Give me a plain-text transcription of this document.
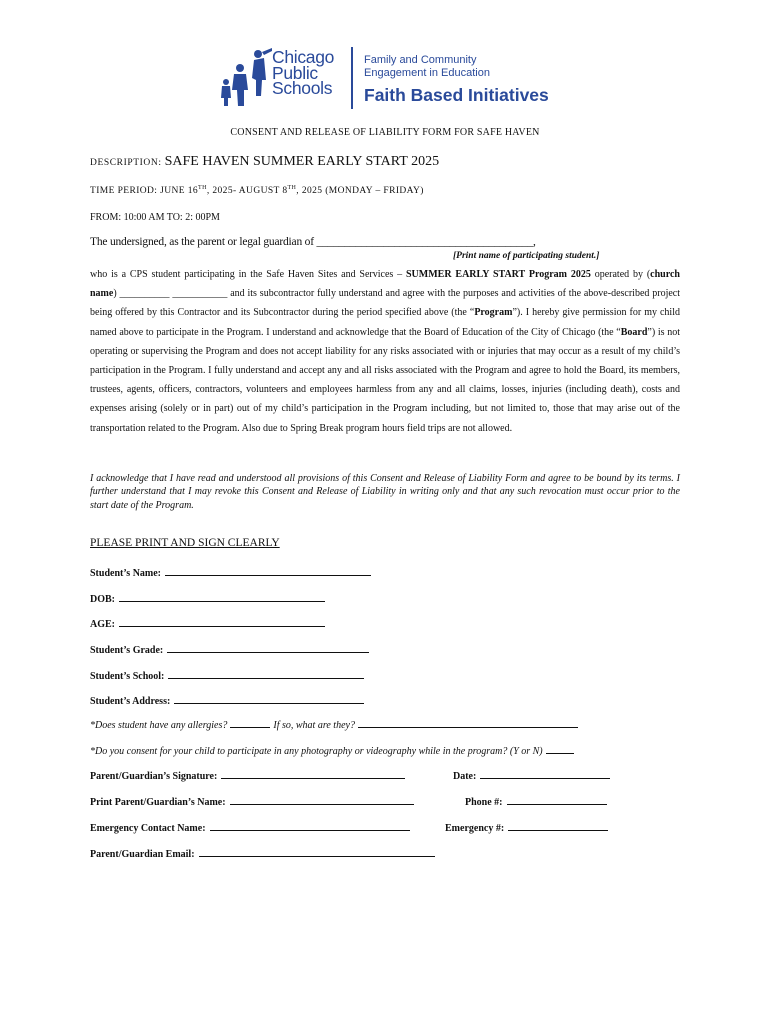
Chicago
Public
Schools
Family and Community
Engagement in Education
Faith Based Initiatives
CONSENT AND RELEASE OF LIABILITY FORM FOR SAFE HAVEN
DESCRIPTION: SAFE HAVEN SUMMER EARLY START 2025
TIME PERIOD: JUNE 16TH, 2025- AUGUST 8TH, 2025 (MONDAY – FRIDAY)
FROM: 10:00 AM TO: 2: 00PM
The undersigned, as the parent or legal guardian of _______________________________________,
[Print name of participating student.]
who is a CPS student participating in the Safe Haven Sites and Services – SUMMER EARLY START Program 2025 operated by (church name) __________ ___________ and its subcontractor fully understand and agree with the purposes and activities of the above-described project being offered by this Contractor and its Subcontractor during the period specified above (the “Program”). I hereby give permission for my child named above to participate in the Program. I understand and acknowledge that the Board of Education of the City of Chicago (the “Board”) is not operating or supervising the Program and does not accept liability for any risks associated with or injuries that may occur as a result of my child’s participation in the Program. I fully understand and accept any and all risks associated with the Program and agree to hold the Board, its members, trustees, agents, officers, contractors, volunteers and employees harmless from any and all claims, losses, injuries (including death), costs and expenses arising (solely or in part) out of my child’s participation in the Program including, but not limited to, those that may arise out of the transportation related to the Program. Also due to Spring Break program hours field trips are not allowed.
I acknowledge that I have read and understood all provisions of this Consent and Release of Liability Form and agree to be bound by its terms. I further understand that I may revoke this Consent and Release of Liability in writing only and that any such revocation must occur prior to the start date of the Program.
PLEASE PRINT AND SIGN CLEARLY
Student’s Name:
DOB:
AGE:
Student’s Grade:
Student’s School:
Student’s Address:
*Does student have any allergies?	If so, what are they?
*Do you consent for your child to participate in any photography or videography while in the program? (Y or N)
Parent/Guardian’s Signature:	Date:
Print Parent/Guardian’s Name:	Phone #:
Emergency Contact Name:	Emergency #:
Parent/Guardian Email:
